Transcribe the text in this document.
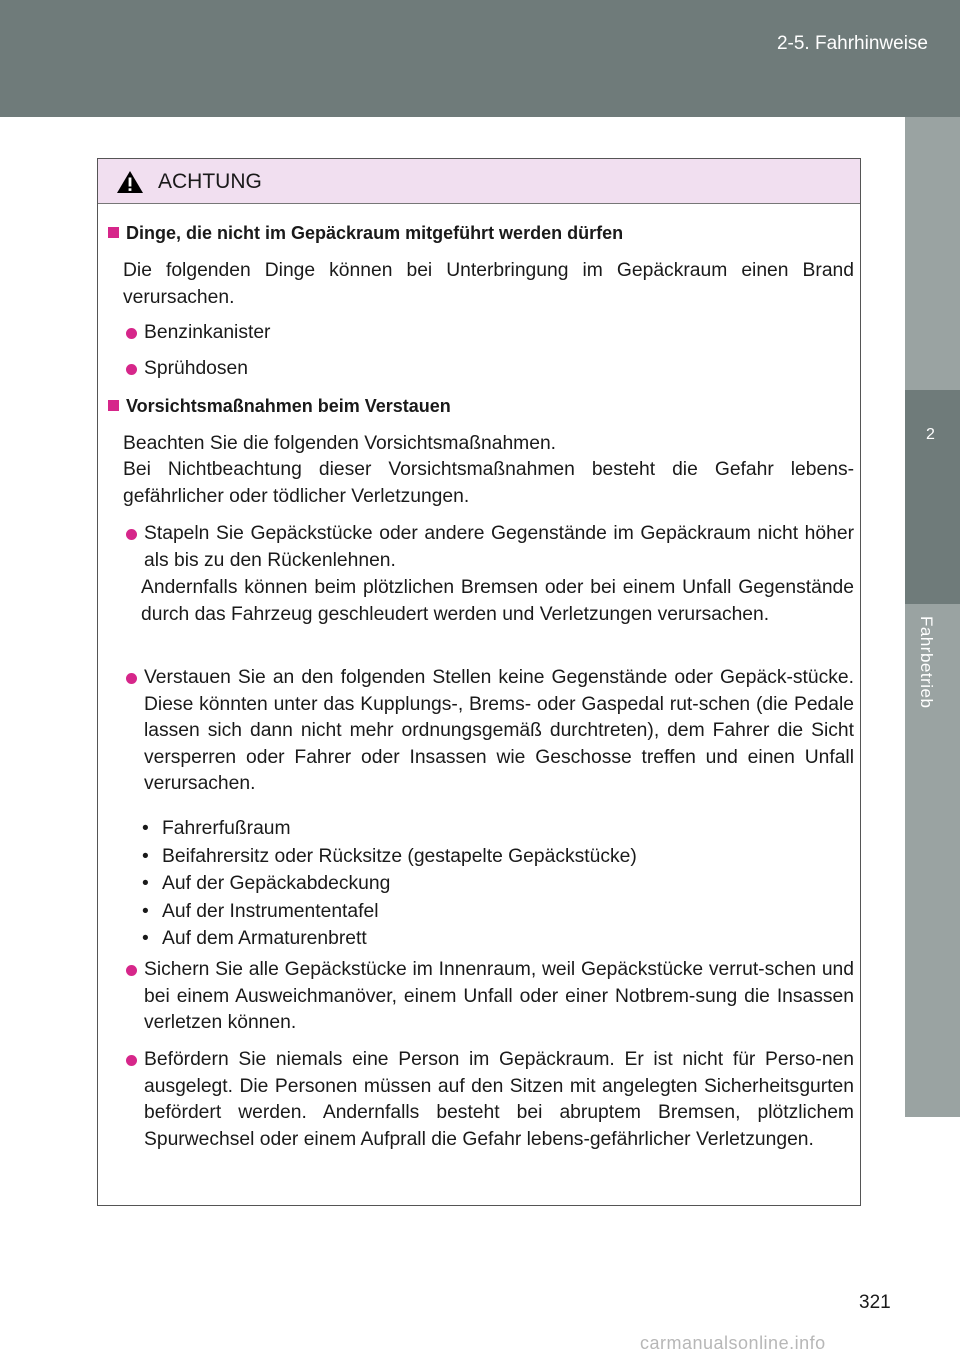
2-5. Fahrhinweise
2
Fahrbetrieb
ACHTUNG
Dinge, die nicht im Gepäckraum mitgeführt werden dürfen
Die folgenden Dinge können bei Unterbringung im Gepäckraum einen Brand verursachen.
Benzinkanister
Sprühdosen
Vorsichtsmaßnahmen beim Verstauen
Beachten Sie die folgenden Vorsichtsmaßnahmen.
Bei Nichtbeachtung dieser Vorsichtsmaßnahmen besteht die Gefahr lebens-gefährlicher oder tödlicher Verletzungen.
Stapeln Sie Gepäckstücke oder andere Gegenstände im Gepäckraum nicht höher als bis zu den Rückenlehnen.
Andernfalls können beim plötzlichen Bremsen oder bei einem Unfall Gegenstände durch das Fahrzeug geschleudert werden und Verletzungen verursachen.
Verstauen Sie an den folgenden Stellen keine Gegenstände oder Gepäck-stücke. Diese könnten unter das Kupplungs-, Brems- oder Gaspedal rut-schen (die Pedale lassen sich dann nicht mehr ordnungsgemäß durchtreten), dem Fahrer die Sicht versperren oder Fahrer oder Insassen wie Geschosse treffen und einen Unfall verursachen.
• Fahrerfußraum
• Beifahrersitz oder Rücksitze (gestapelte Gepäckstücke)
• Auf der Gepäckabdeckung
• Auf der Instrumententafel
• Auf dem Armaturenbrett
Sichern Sie alle Gepäckstücke im Innenraum, weil Gepäckstücke verrut-schen und bei einem Ausweichmanöver, einem Unfall oder einer Notbrem-sung die Insassen verletzen können.
Befördern Sie niemals eine Person im Gepäckraum. Er ist nicht für Perso-nen ausgelegt. Die Personen müssen auf den Sitzen mit angelegten Sicherheitsgurten befördert werden. Andernfalls besteht bei abruptem Bremsen, plötzlichem Spurwechsel oder einem Aufprall die Gefahr lebens-gefährlicher Verletzungen.
321
carmanualsonline.info
